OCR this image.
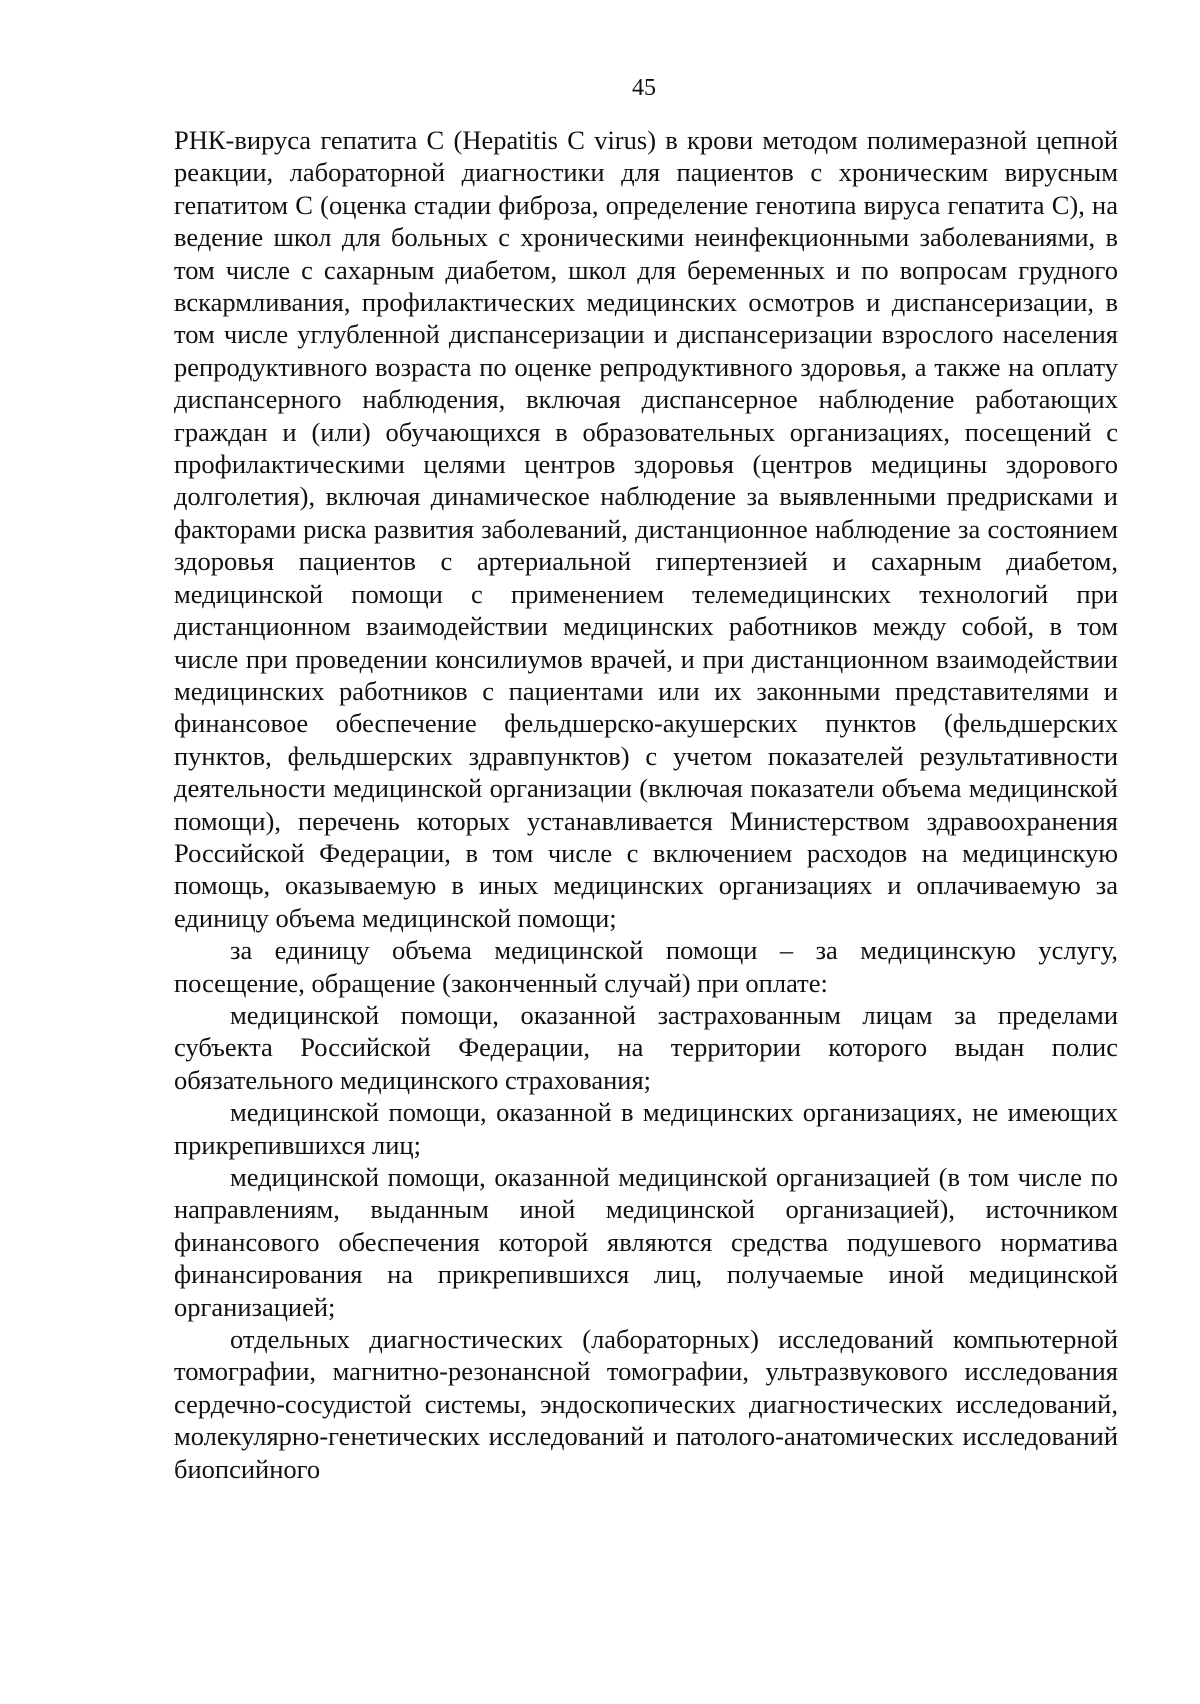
45

РНК-вируса гепатита С (Hepatitis C virus) в крови методом полимеразной цепной реакции, лабораторной диагностики для пациентов с хроническим вирусным гепатитом С (оценка стадии фиброза, определение генотипа вируса гепатита С), на ведение школ для больных с хроническими неинфекционными заболеваниями, в том числе с сахарным диабетом, школ для беременных и по вопросам грудного вскармливания, профилактических медицинских осмотров и диспансеризации, в том числе углубленной диспансеризации и диспансеризации взрослого населения репродуктивного возраста по оценке репродуктивного здоровья, а также на оплату диспансерного наблюдения, включая диспансерное наблюдение работающих граждан и (или) обучающихся в образовательных организациях, посещений с профилактическими целями центров здоровья (центров медицины здорового долголетия), включая динамическое наблюдение за выявленными предрисками и факторами риска развития заболеваний, дистанционное наблюдение за состоянием здоровья пациентов с артериальной гипертензией и сахарным диабетом, медицинской помощи с применением телемедицинских технологий при дистанционном взаимодействии медицинских работников между собой, в том числе при проведении консилиумов врачей, и при дистанционном взаимодействии медицинских работников с пациентами или их законными представителями и финансовое обеспечение фельдшерско-акушерских пунктов (фельдшерских пунктов, фельдшерских здравпунктов) с учетом показателей результативности деятельности медицинской организации (включая показатели объема медицинской помощи), перечень которых устанавливается Министерством здравоохранения Российской Федерации, в том числе с включением расходов на медицинскую помощь, оказываемую в иных медицинских организациях и оплачиваемую за единицу объема медицинской помощи;

за единицу объема медицинской помощи – за медицинскую услугу, посещение, обращение (законченный случай) при оплате:

медицинской помощи, оказанной застрахованным лицам за пределами субъекта Российской Федерации, на территории которого выдан полис обязательного медицинского страхования;

медицинской помощи, оказанной в медицинских организациях, не имеющих прикрепившихся лиц;

медицинской помощи, оказанной медицинской организацией (в том числе по направлениям, выданным иной медицинской организацией), источником финансового обеспечения которой являются средства подушевого норматива финансирования на прикрепившихся лиц, получаемые иной медицинской организацией;

отдельных диагностических (лабораторных) исследований компьютерной томографии, магнитно-резонансной томографии, ультразвукового исследования сердечно-сосудистой системы, эндоскопических диагностических исследований, молекулярно-генетических исследований и патолого-анатомических исследований биопсийного
